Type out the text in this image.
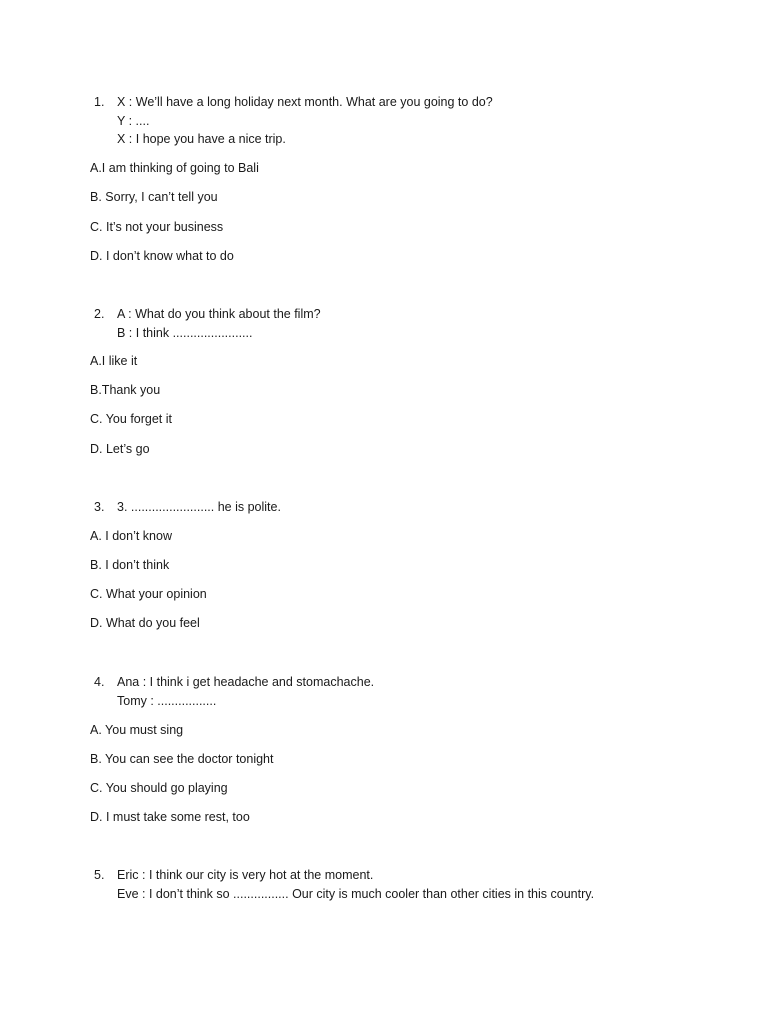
1. X : We’ll have a long holiday next month. What are you going to do?
Y : ....
X : I hope you have a nice trip.
A.I am thinking of going to Bali
B. Sorry, I can’t tell you
C. It’s not your business
D. I don’t know what to do
2. A : What do you think about the film?
B : I think .......................
A.I like it
B.Thank you
C. You forget it
D. Let’s go
3. 3. ........................ he is polite.
A. I don’t know
B. I don’t think
C. What your opinion
D. What do you feel
4. Ana : I think i get headache and stomachache.
Tomy : .................
A. You must sing
B. You can see the doctor tonight
C. You should go playing
D. I must take some rest, too
5. Eric : I think our city is very hot at the moment.
Eve : I don’t think so ................ Our city is much cooler than other cities in this country.
